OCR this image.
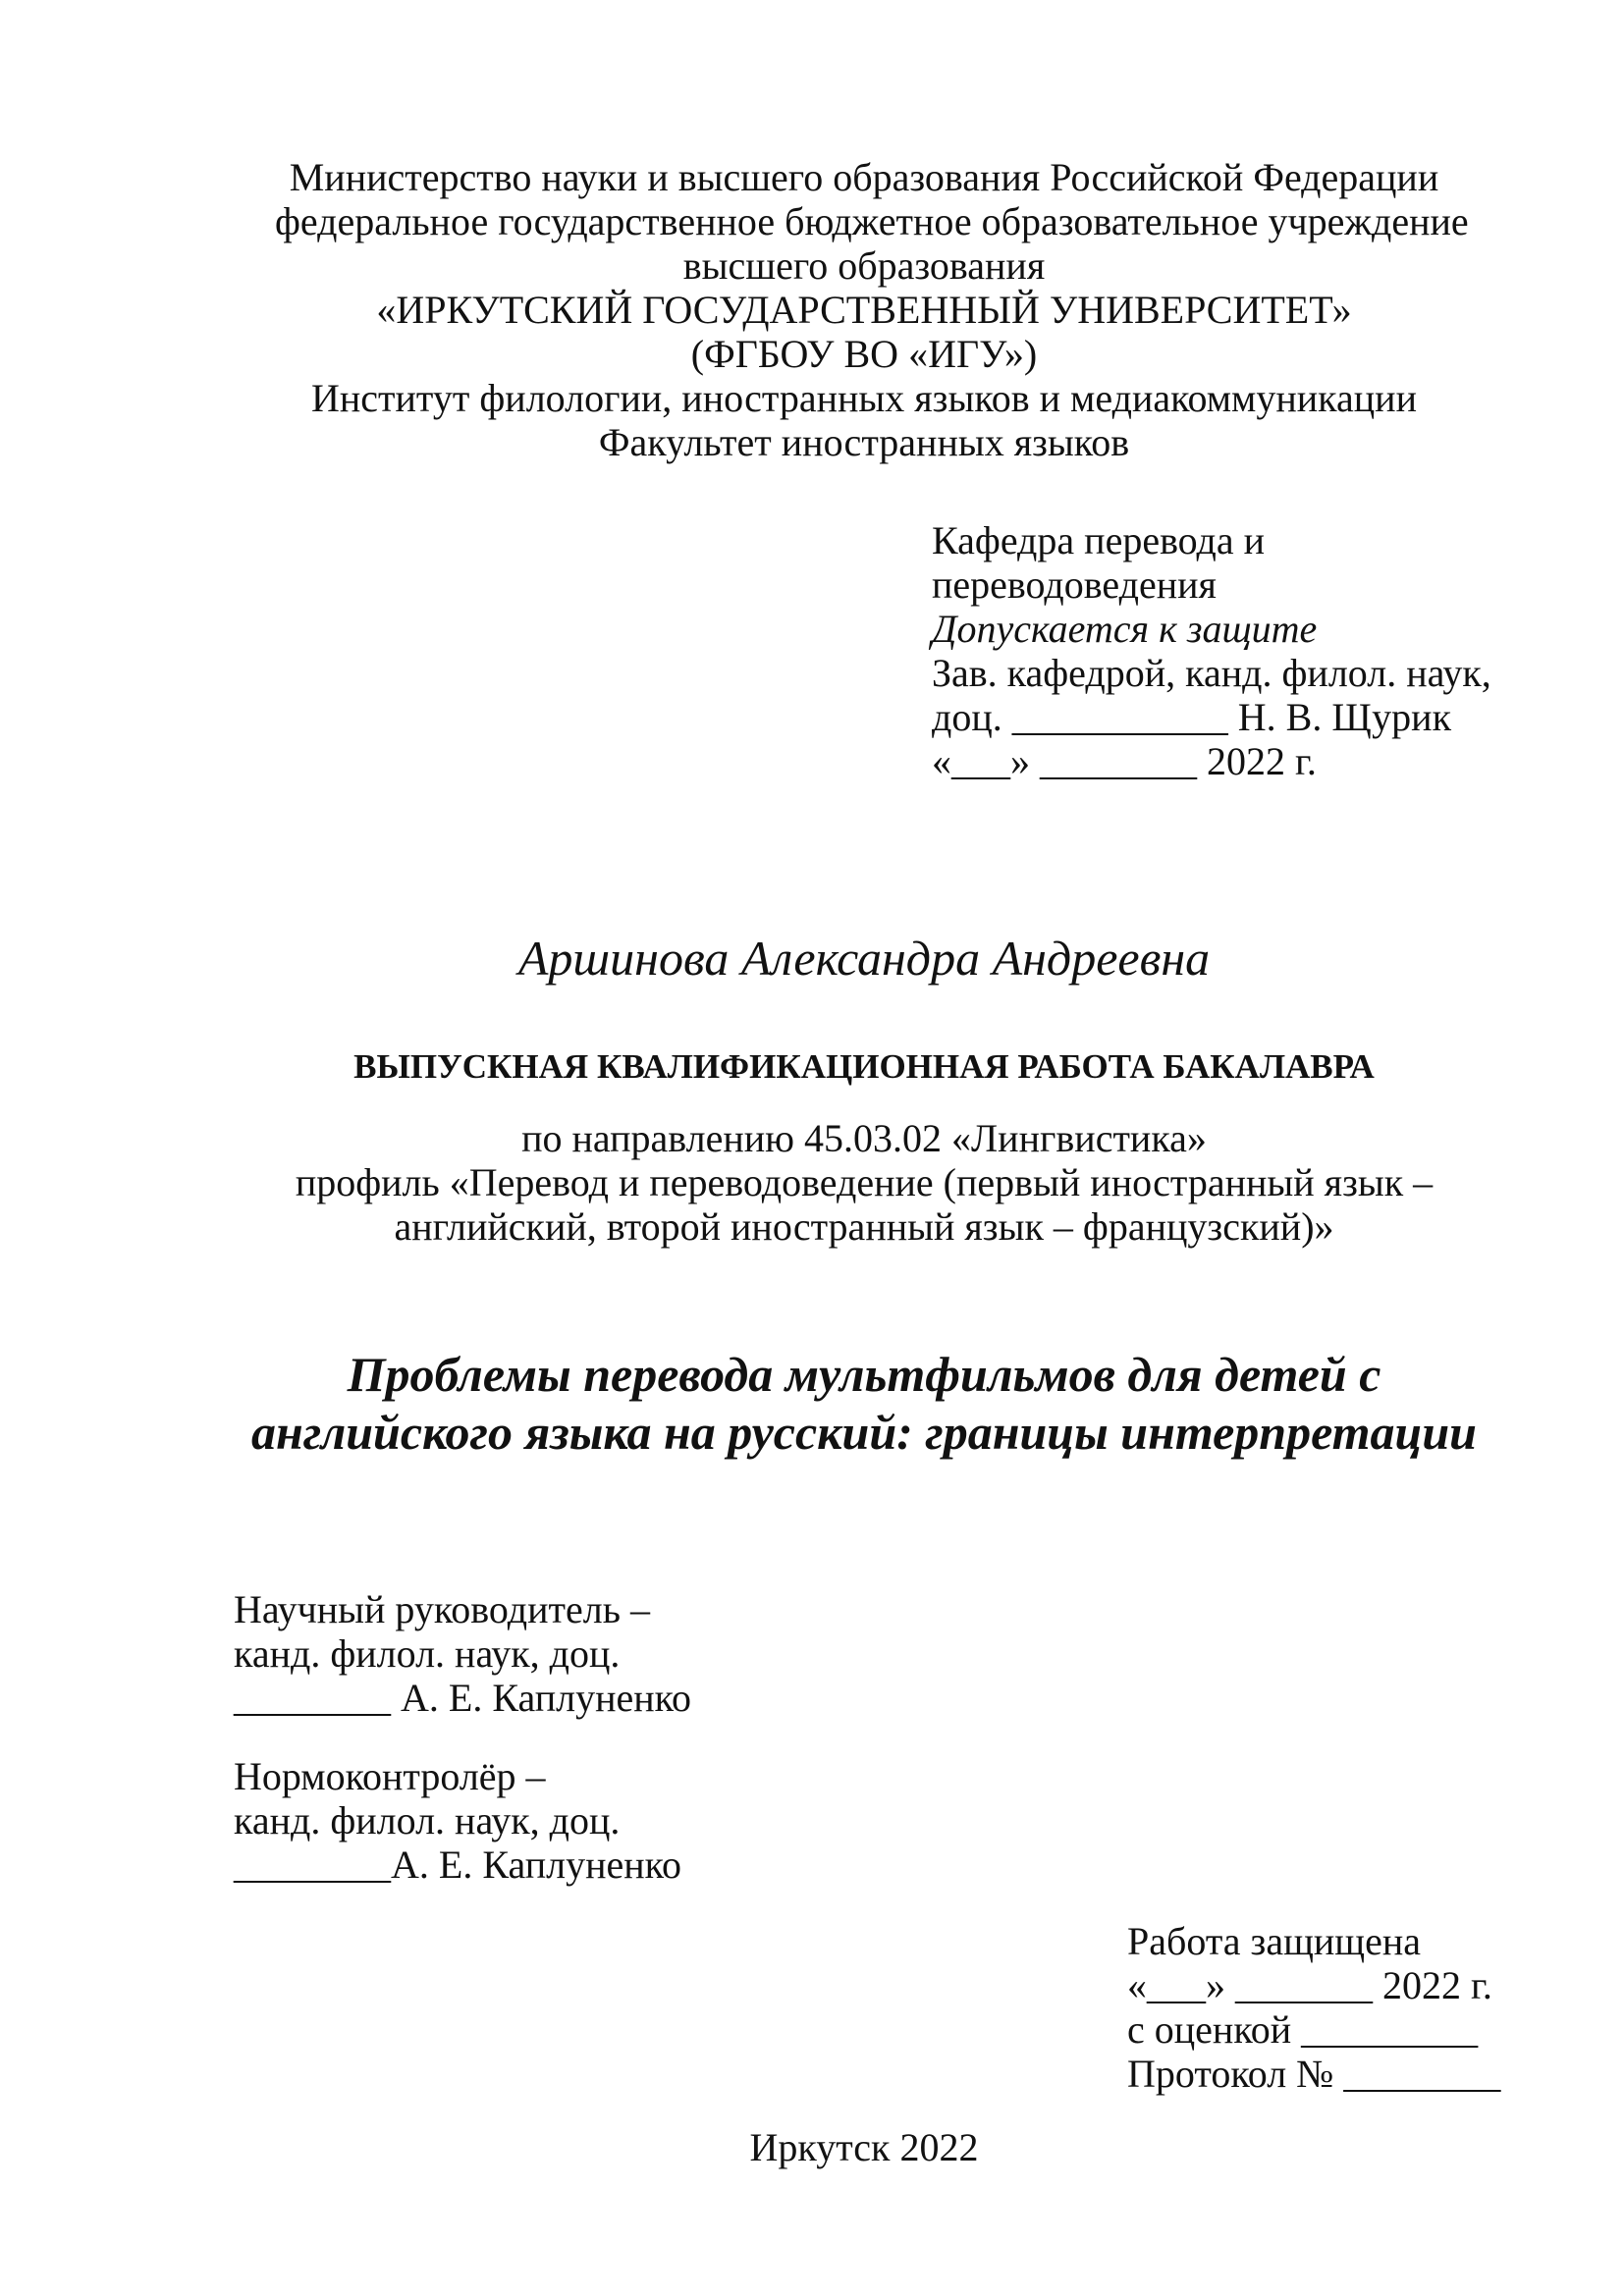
Министерство науки и высшего образования Российской Федерации
федеральное государственное бюджетное образовательное учреждение
высшего образования
«ИРКУТСКИЙ ГОСУДАРСТВЕННЫЙ УНИВЕРСИТЕТ»
(ФГБОУ ВО «ИГУ»)
Институт филологии, иностранных языков и медиакоммуникации
Факультет иностранных языков
Кафедра перевода и
переводоведения
Допускается к защите
Зав. кафедрой, канд. филол. наук,
доц. ___________ Н. В. Щурик
«___» ________ 2022 г.
Аршинова Александра Андреевна
ВЫПУСКНАЯ КВАЛИФИКАЦИОННАЯ РАБОТА БАКАЛАВРА
по направлению 45.03.02 «Лингвистика»
профиль «Перевод и переводоведение (первый иностранный язык –
английский, второй иностранный язык – французский)»
Проблемы перевода мультфильмов для детей с
английского языка на русский: границы интерпретации
Научный руководитель –
канд. филол. наук, доц.
________ А. Е. Каплуненко
Нормоконтролёр –
канд. филол. наук, доц.
________А. Е. Каплуненко
Работа защищена
«___» _______ 2022 г.
с оценкой _________
Протокол № ________
Иркутск 2022
